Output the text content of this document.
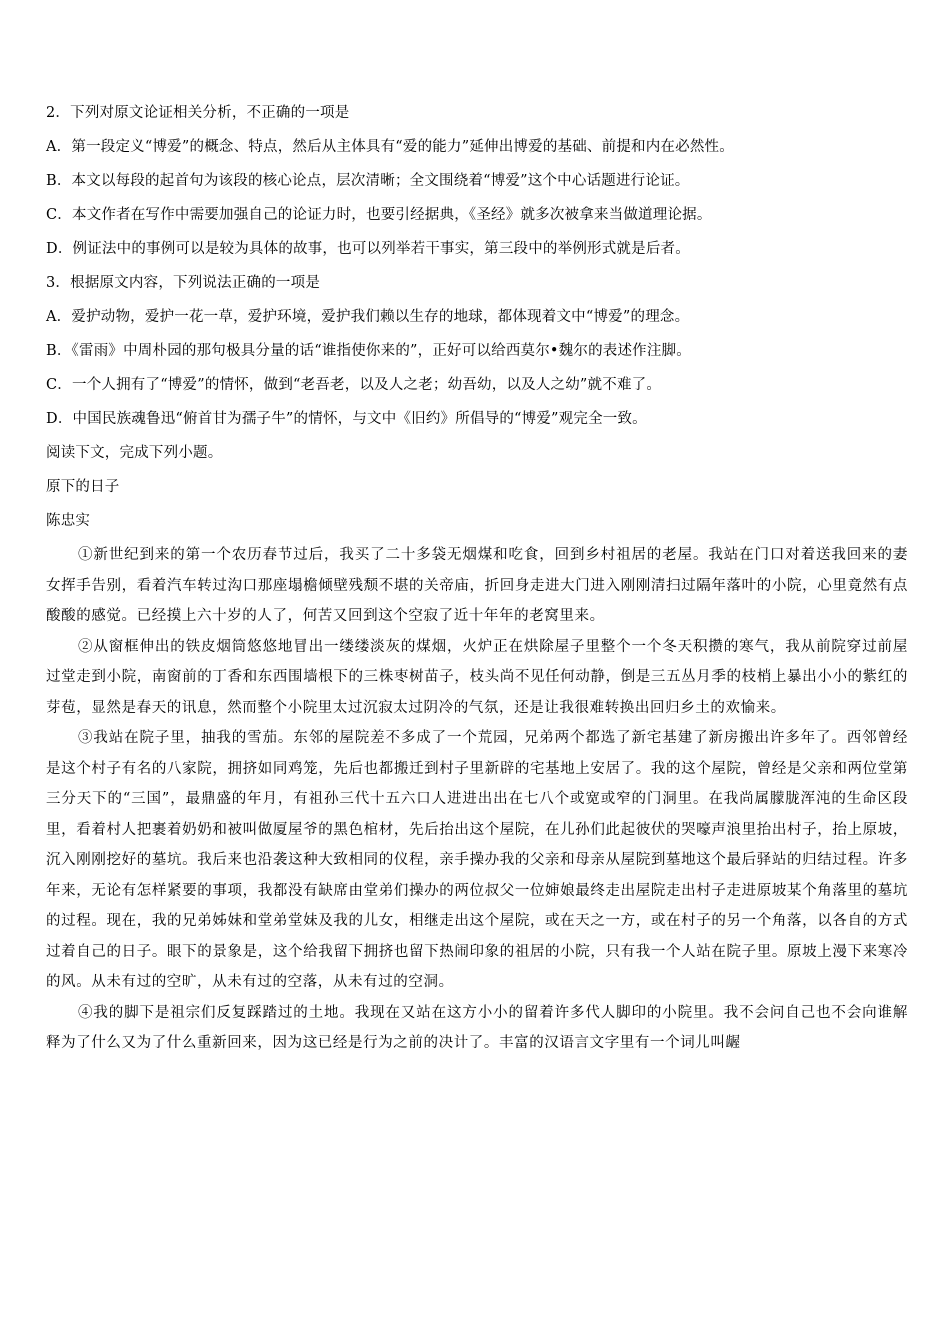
2．下列对原文论证相关分析，不正确的一项是
A．第一段定义“博爱”的概念、特点，然后从主体具有“爱的能力”延伸出博爱的基础、前提和内在必然性。
B．本文以每段的起首句为该段的核心论点，层次清晰；全文围绕着“博爱”这个中心话题进行论证。
C．本文作者在写作中需要加强自己的论证力时，也要引经据典，《圣经》就多次被拿来当做道理论据。
D．例证法中的事例可以是较为具体的故事，也可以列举若干事实，第三段中的举例形式就是后者。
3．根据原文内容，下列说法正确的一项是
A．爱护动物，爱护一花一草，爱护环境，爱护我们赖以生存的地球，都体现着文中“博爱”的理念。
B．《雷雨》中周朴园的那句极具分量的话“谁指使你来的”，正好可以给西莫尔•魏尔的表述作注脚。
C．一个人拥有了“博爱”的情怀，做到“老吾老，以及人之老；幼吾幼，以及人之幼”就不难了。
D．中国民族魂鲁迅“俯首甘为孺子牛”的情怀，与文中《旧约》所倡导的“博爱”观完全一致。
阅读下文，完成下列小题。
原下的日子
陈忠实

①新世纪到来的第一个农历春节过后，我买了二十多袋无烟煤和吃食，回到乡村祖居的老屋。我站在门口对着送我回来的妻女挥手告别，看着汽车转过沟口那座塌檐倾壁残颓不堪的关帝庙，折回身走进大门进入刚刚清扫过隔年落叶的小院，心里竟然有点酸酸的感觉。已经摸上六十岁的人了，何苦又回到这个空寂了近十年年的老窝里来。

②从窗框伸出的铁皮烟筒悠悠地冒出一缕缕淡灰的煤烟，火炉正在烘除屋子里整个一个冬天积攒的寒气，我从前院穿过前屋过堂走到小院，南窗前的丁香和东西围墙根下的三株枣树苗子，枝头尚不见任何动静，倒是三五丛月季的枝梢上暴出小小的紫红的芽苞，显然是春天的讯息，然而整个小院里太过沉寂太过阴冷的气氛，还是让我很难转换出回归乡土的欢愉来。

③我站在院子里，抽我的雪茄。东邻的屋院差不多成了一个荒园，兄弟两个都选了新宅基建了新房搬出许多年了。西邻曾经是这个村子有名的八家院，拥挤如同鸡笼，先后也都搬迁到村子里新辟的宅基地上安居了。我的这个屋院，曾经是父亲和两位堂第三分天下的“三国”，最鼎盛的年月，有祖孙三代十五六口人进进出出在七八个或宽或窄的门洞里。在我尚属朦胧浑沌的生命区段里，看着村人把裹着奶奶和被叫做厦屋爷的黑色棺材，先后抬出这个屋院，在儿孙们此起彼伏的哭嚎声浪里抬出村子，抬上原坡，沉入刚刚挖好的墓坑。我后来也沿袭这种大致相同的仪程，亲手操办我的父亲和母亲从屋院到墓地这个最后驿站的归结过程。许多年来，无论有怎样紧要的事项，我都没有缺席由堂弟们操办的两位叔父一位婶娘最终走出屋院走出村子走进原坡某个角落里的墓坑的过程。现在，我的兄弟姊妹和堂弟堂妹及我的儿女，相继走出这个屋院，或在天之一方，或在村子的另一个角落，以各自的方式过着自己的日子。眼下的景象是，这个给我留下拥挤也留下热闹印象的祖居的小院，只有我一个人站在院子里。原坡上漫下来寒冷的风。从未有过的空旷，从未有过的空落，从未有过的空洞。

④我的脚下是祖宗们反复踩踏过的土地。我现在又站在这方小小的留着许多代人脚印的小院里。我不会问自己也不会向谁解释为了什么又为了什么重新回来，因为这已经是行为之前的决计了。丰富的汉语言文字里有一个词儿叫龌
